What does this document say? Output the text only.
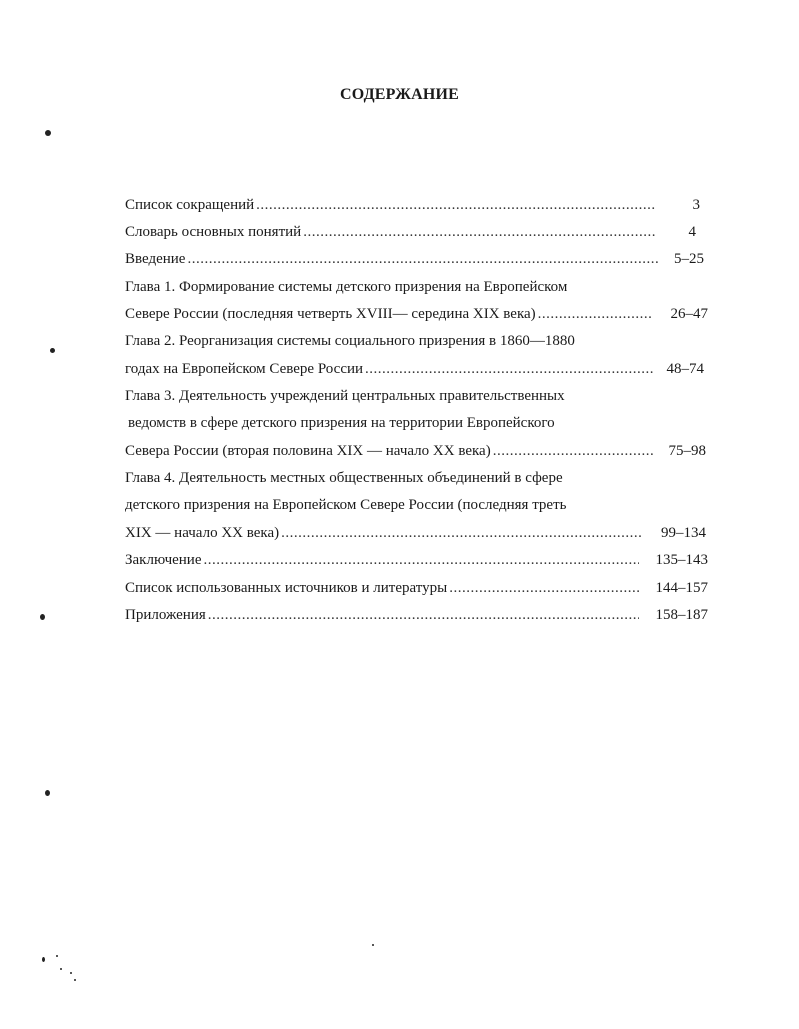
СОДЕРЖАНИЕ
Список сокращений .....	3
Словарь основных понятий .....	4
Введение .....	5–25
Глава 1. Формирование системы детского призрения на Европейском
Севере России (последняя четверть XVIII— середина XIX века) .....	26–47
Глава 2. Реорганизация системы социального призрения в 1860—1880
годах на Европейском Севере России .....	48–74
Глава 3. Деятельность учреждений центральных правительственных
ведомств в сфере детского призрения на территории Европейского
Севера России (вторая половина XIX — начало XX века) .....	75–98
Глава 4. Деятельность местных общественных объединений в сфере
детского призрения на Европейском Севере России (последняя треть
XIX — начало XX века) .....	99–134
Заключение .....	135–143
Список использованных источников и литературы .....	144–157
Приложения .....	158–187
